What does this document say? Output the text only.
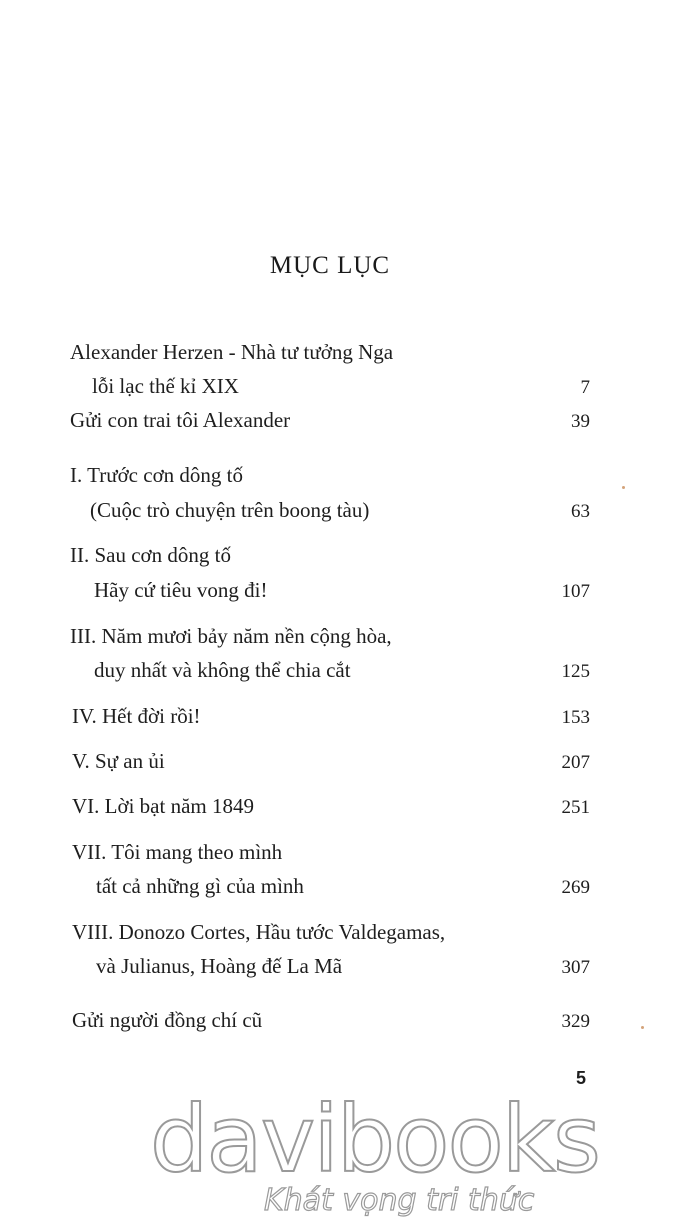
MỤC LỤC
Alexander Herzen - Nhà tư tưởng Nga
lỗi lạc thế kỉ XIX	7
Gửi con trai tôi Alexander	39
I. Trước cơn dông tố
(Cuộc trò chuyện trên boong tàu)	63
II. Sau cơn dông tố
Hãy cứ tiêu vong đi!	107
III. Năm mươi bảy năm nền cộng hòa,
duy nhất và không thể chia cắt	125
IV. Hết đời rồi!	153
V. Sự an ủi	207
VI. Lời bạt năm 1849	251
VII. Tôi mang theo mình
tất cả những gì của mình	269
VIII. Donozo Cortes, Hầu tước Valdegamas,
và Julianus, Hoàng đế La Mã	307
Gửi người đồng chí cũ	329
5
davibooks
Khát vọng tri thức
